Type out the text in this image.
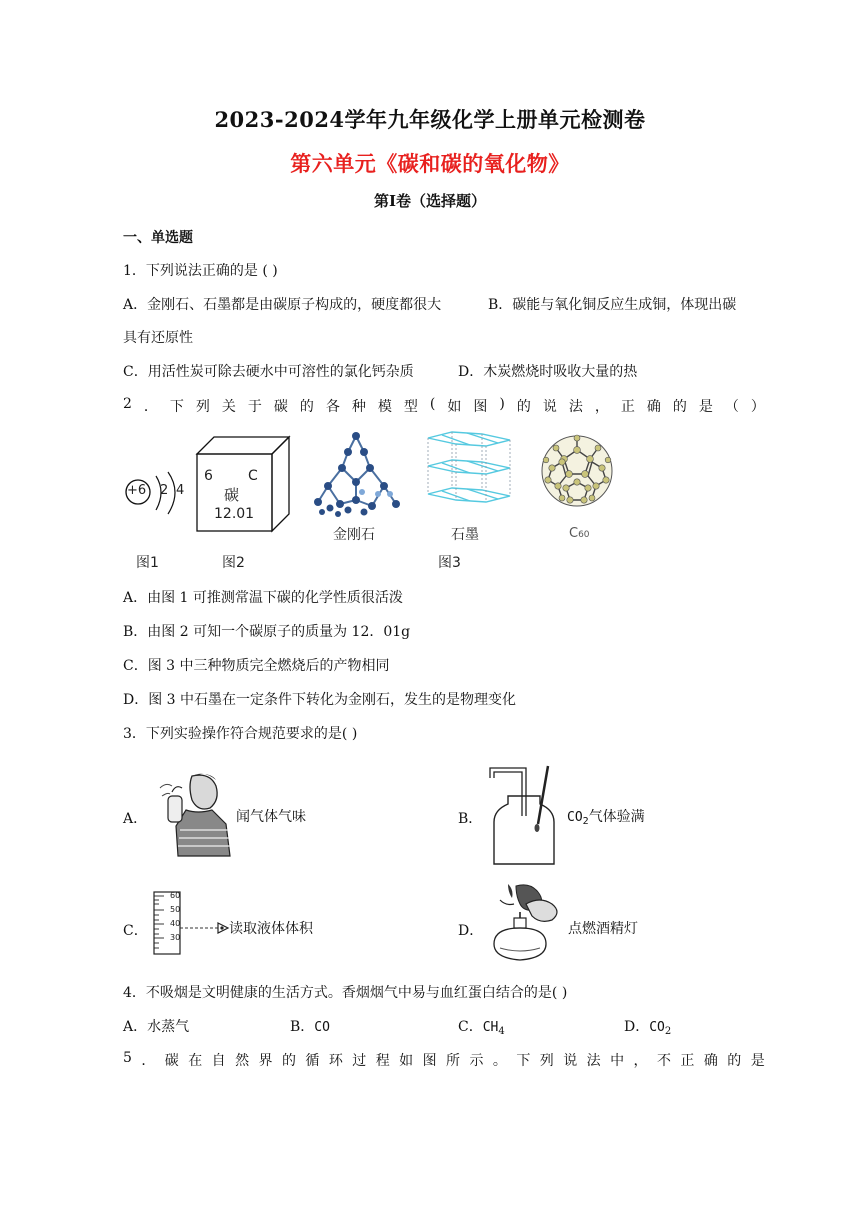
2023-2024学年九年级化学上册单元检测卷
第六单元《碳和碳的氧化物》
第I卷（选择题）
一、单选题
1．下列说法正确的是 ( )
A．金刚石、石墨都是由碳原子构成的，硬度都很大	B．碳能与氧化铜反应生成铜，体现出碳
具有还原性
C．用活性炭可除去硬水中可溶性的氯化钙杂质	D．木炭燃烧时吸收大量的热
2 ． 下 列 关 于 碳 的 各 种 模 型 ( 如 图 ) 的 说 法 ， 正 确 的 是 （ ）
+6 2 4
6	C
碳
12.01
金刚石	石墨	C60
图1	图2	图3
A．由图 1 可推测常温下碳的化学性质很活泼
B．由图 2 可知一个碳原子的质量为 12．01g
C．图 3 中三种物质完全燃烧后的产物相同
D．图 3 中石墨在一定条件下转化为金刚石，发生的是物理变化
3．下列实验操作符合规范要求的是( )
A．	闻气体气味	B．	$CO_2$气体验满
C．
60
50
40
30
读取液体体积	D．	点燃酒精灯
4．不吸烟是文明健康的生活方式。香烟烟气中易与血红蛋白结合的是( )
A．水蒸气	B．CO	C．$CH_4$	D．$CO_2$
5 ． 碳 在 自 然 界 的 循 环 过 程 如 图 所 示 。 下 列 说 法 中 ， 不 正 确 的 是
